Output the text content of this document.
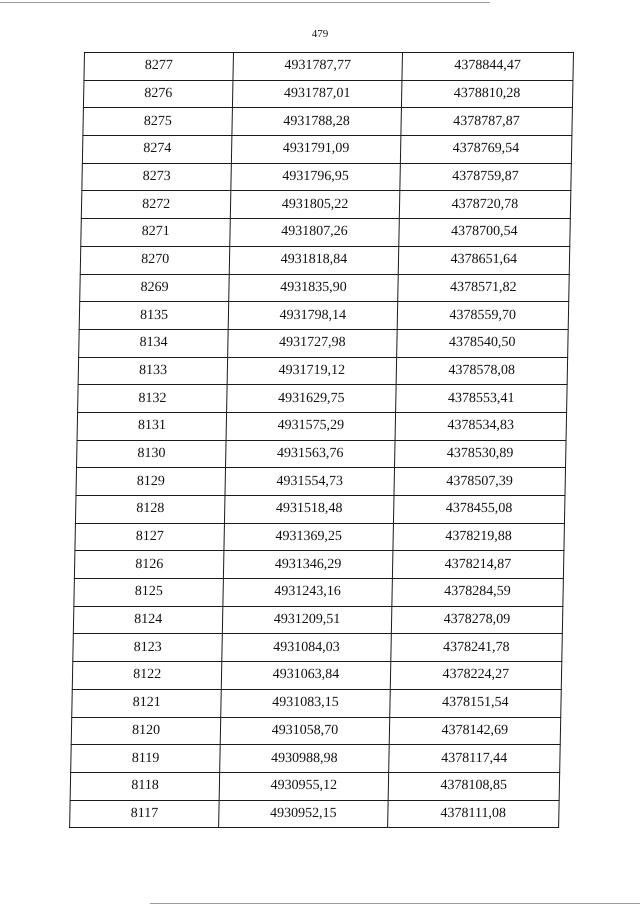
479
8277	4931787,77	4378844,47
8276	4931787,01	4378810,28
8275	4931788,28	4378787,87
8274	4931791,09	4378769,54
8273	4931796,95	4378759,87
8272	4931805,22	4378720,78
8271	4931807,26	4378700,54
8270	4931818,84	4378651,64
8269	4931835,90	4378571,82
8135	4931798,14	4378559,70
8134	4931727,98	4378540,50
8133	4931719,12	4378578,08
8132	4931629,75	4378553,41
8131	4931575,29	4378534,83
8130	4931563,76	4378530,89
8129	4931554,73	4378507,39
8128	4931518,48	4378455,08
8127	4931369,25	4378219,88
8126	4931346,29	4378214,87
8125	4931243,16	4378284,59
8124	4931209,51	4378278,09
8123	4931084,03	4378241,78
8122	4931063,84	4378224,27
8121	4931083,15	4378151,54
8120	4931058,70	4378142,69
8119	4930988,98	4378117,44
8118	4930955,12	4378108,85
8117	4930952,15	4378111,08
